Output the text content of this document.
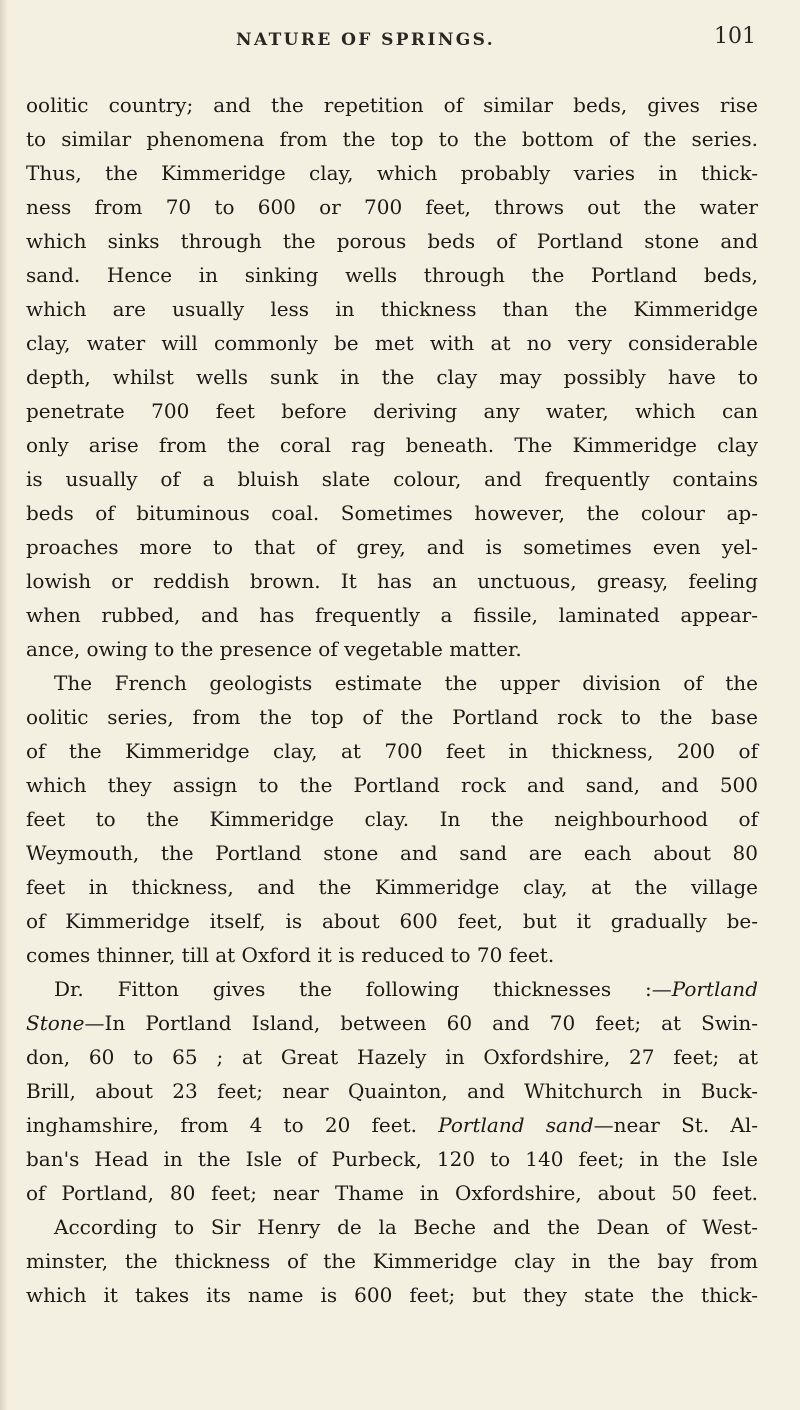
NATURE OF SPRINGS.	101
oolitic country; and the repetition of similar beds, gives rise
to similar phenomena from the top to the bottom of the series.
Thus, the Kimmeridge clay, which probably varies in thick-
ness from 70 to 600 or 700 feet, throws out the water
which sinks through the porous beds of Portland stone and
sand. Hence in sinking wells through the Portland beds,
which are usually less in thickness than the Kimmeridge
clay, water will commonly be met with at no very considerable
depth, whilst wells sunk in the clay may possibly have to
penetrate 700 feet before deriving any water, which can
only arise from the coral rag beneath. The Kimmeridge clay
is usually of a bluish slate colour, and frequently contains
beds of bituminous coal. Sometimes however, the colour ap-
proaches more to that of grey, and is sometimes even yel-
lowish or reddish brown. It has an unctuous, greasy, feeling
when rubbed, and has frequently a fissile, laminated appear-
ance, owing to the presence of vegetable matter.
The French geologists estimate the upper division of the
oolitic series, from the top of the Portland rock to the base
of the Kimmeridge clay, at 700 feet in thickness, 200 of
which they assign to the Portland rock and sand, and 500
feet to the Kimmeridge clay. In the neighbourhood of
Weymouth, the Portland stone and sand are each about 80
feet in thickness, and the Kimmeridge clay, at the village
of Kimmeridge itself, is about 600 feet, but it gradually be-
comes thinner, till at Oxford it is reduced to 70 feet.
Dr. Fitton gives the following thicknesses :—Portland
Stone—In Portland Island, between 60 and 70 feet; at Swin-
don, 60 to 65 ; at Great Hazely in Oxfordshire, 27 feet; at
Brill, about 23 feet; near Quainton, and Whitchurch in Buck-
inghamshire, from 4 to 20 feet. Portland sand—near St. Al-
ban's Head in the Isle of Purbeck, 120 to 140 feet; in the Isle
of Portland, 80 feet; near Thame in Oxfordshire, about 50 feet.
According to Sir Henry de la Beche and the Dean of West-
minster, the thickness of the Kimmeridge clay in the bay from
which it takes its name is 600 feet; but they state the thick-
